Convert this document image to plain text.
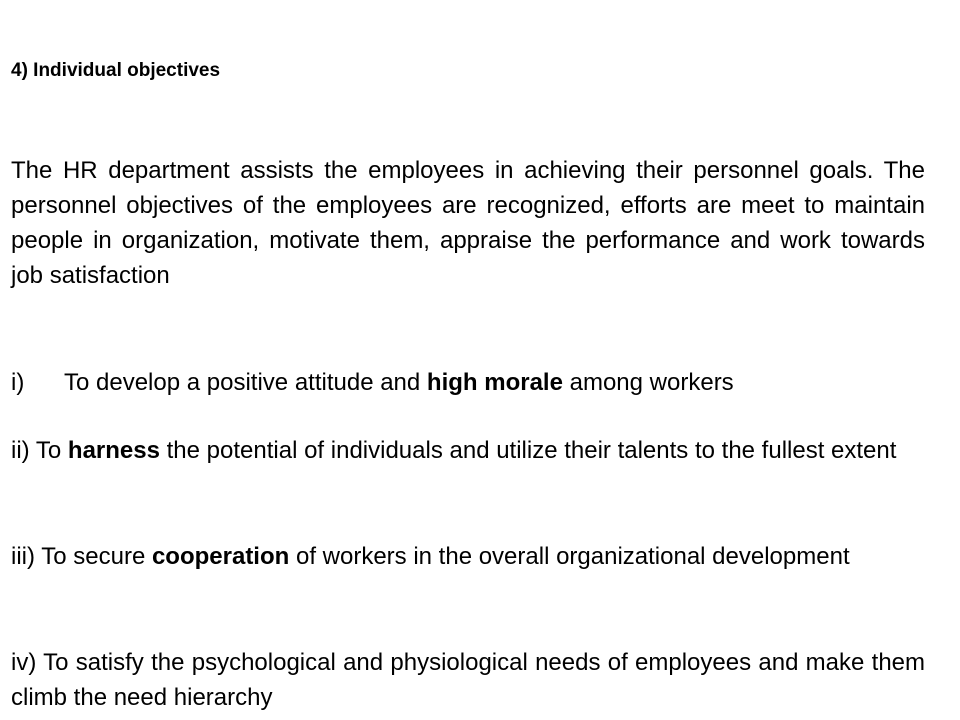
4) Individual objectives
The HR department assists the employees in achieving their personnel goals. The personnel objectives of the employees are recognized, efforts are meet to maintain people in organization, motivate them, appraise the performance and work towards job satisfaction
i) To develop a positive attitude and high morale among workers
ii) To harness the potential of individuals and utilize their talents to the fullest extent
iii) To secure cooperation of workers in the overall organizational development
iv) To satisfy the psychological and physiological needs of employees and make them climb the need hierarchy
